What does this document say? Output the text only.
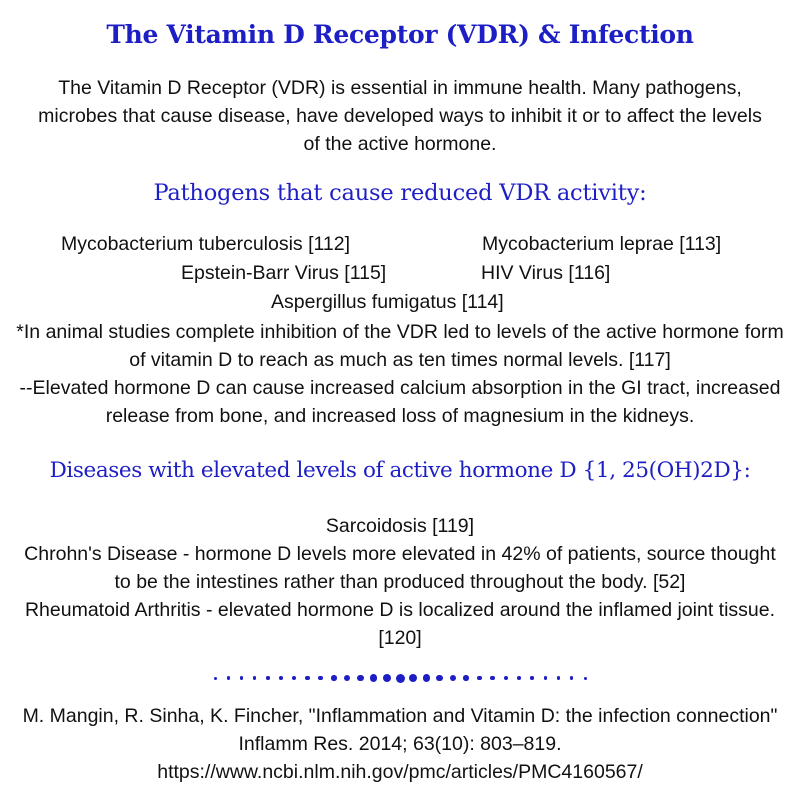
The Vitamin D Receptor (VDR) & Infection
The Vitamin D Receptor (VDR) is essential in immune health. Many pathogens, microbes that cause disease, have developed ways to inhibit it or to affect the levels of the active hormone.
Pathogens that cause reduced VDR activity:
Mycobacterium tuberculosis [112]	Mycobacterium leprae [113]
Epstein-Barr Virus [115]	HIV Virus [116]
Aspergillus fumigatus [114]
*In animal studies complete inhibition of the VDR led to levels of the active hormone form of vitamin D to reach as much as ten times normal levels. [117]
--Elevated hormone D can cause increased calcium absorption in the GI tract, increased release from bone, and increased loss of magnesium in the kidneys.
Diseases with elevated levels of active hormone D {1, 25(OH)2D}:
Sarcoidosis [119]
Chrohn's Disease - hormone D levels more elevated in 42% of patients, source thought to be the intestines rather than produced throughout the body. [52]
Rheumatoid Arthritis - elevated hormone D is localized around the inflamed joint tissue. [120]
M. Mangin, R. Sinha, K. Fincher, "Inflammation and Vitamin D: the infection connection" Inflamm Res. 2014; 63(10): 803–819.
https://www.ncbi.nlm.nih.gov/pmc/articles/PMC4160567/
